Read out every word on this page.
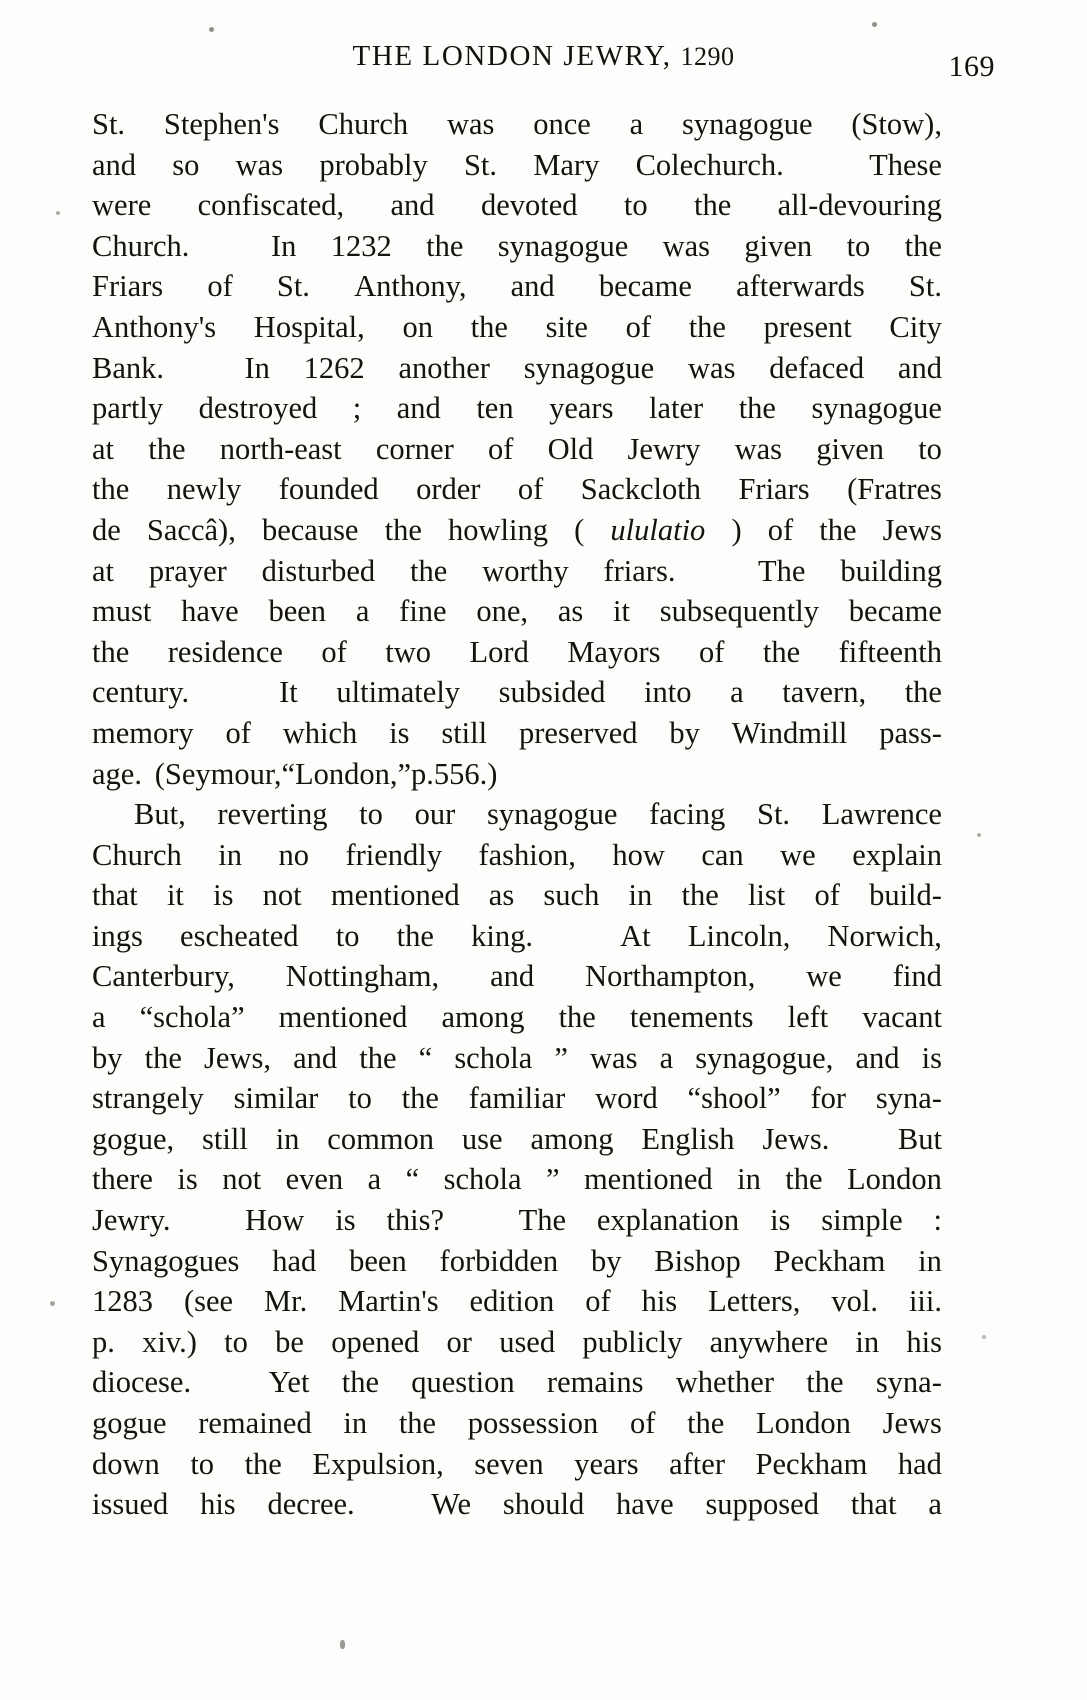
THE LONDON JEWRY, 1290	169
St. Stephen's Church was once a synagogue (Stow),
and so was probably St. Mary Colechurch.	These
were confiscated, and devoted to the all-devouring
Church.	In 1232 the synagogue was given to the
Friars of St. Anthony, and became afterwards St.
Anthony's Hospital, on the site of the present City
Bank.	In 1262 another synagogue was defaced and
partly destroyed ; and ten years later the synagogue
at the north-east corner of Old Jewry was given to
the newly founded order of Sackcloth Friars (Fratres
de Saccâ), because the howling ( ululatio ) of the Jews
at prayer disturbed the worthy friars.	The building
must have been a fine one, as it subsequently became
the residence of two Lord Mayors of the fifteenth
century.	It ultimately subsided into a tavern, the
memory of which is still preserved by Windmill pass-
age. (Seymour, “London,” p. 556.)
But, reverting to our synagogue facing St. Lawrence
Church in no friendly fashion, how can we explain
that it is not mentioned as such in the list of build-
ings escheated to the king.	At Lincoln, Norwich,
Canterbury, Nottingham, and Northampton, we find
a “schola” mentioned among the tenements left vacant
by the Jews, and the “ schola ” was a synagogue, and is
strangely similar to the familiar word “shool” for syna-
gogue, still in common use among English Jews. But
there is not even a “ schola ” mentioned in the London
Jewry. How is this? The explanation is simple :
Synagogues had been forbidden by Bishop Peckham in
1283 (see Mr. Martin's edition of his Letters, vol. iii.
p. xiv.) to be opened or used publicly anywhere in his
diocese.	Yet the question remains whether the syna-
gogue remained in the possession of the London Jews
down to the Expulsion, seven years after Peckham had
issued his decree.	We should have supposed that a
